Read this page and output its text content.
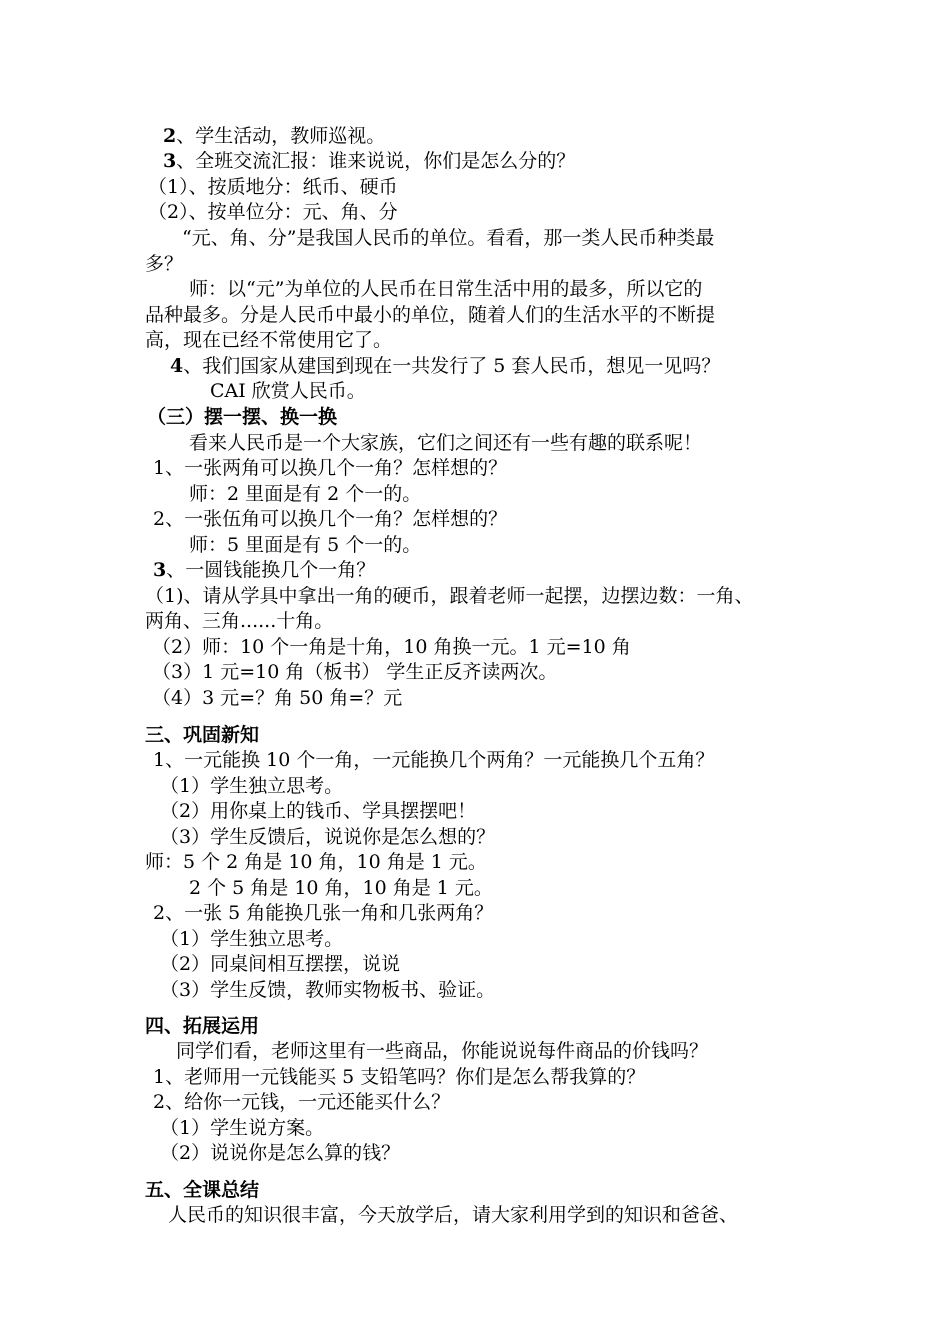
2、学生活动，教师巡视。
3、全班交流汇报：谁来说说，你们是怎么分的？
（1）、按质地分：纸币、硬币
（2）、按单位分：元、角、分
“元、角、分”是我国人民币的单位。看看，那一类人民币种类最
多？
师：以“元”为单位的人民币在日常生活中用的最多，所以它的
品种最多。分是人民币中最小的单位，随着人们的生活水平的不断提
高，现在已经不常使用它了。
4、我们国家从建国到现在一共发行了 5 套人民币，想见一见吗？
CAI 欣赏人民币。
（三）摆一摆、换一换
看来人民币是一个大家族，它们之间还有一些有趣的联系呢！
1、一张两角可以换几个一角？怎样想的？
师：2 里面是有 2 个一的。
2、一张伍角可以换几个一角？怎样想的？
师：5 里面是有 5 个一的。
3、一圆钱能换几个一角？
（1)、请从学具中拿出一角的硬币，跟着老师一起摆，边摆边数：一角、
两角、三角......十角。
（2）师：10 个一角是十角，10 角换一元。1 元=10 角
（3）1 元=10 角（板书） 学生正反齐读两次。
（4）3 元=？角 50 角=？元
三、巩固新知
1、一元能换 10 个一角，一元能换几个两角？一元能换几个五角？
（1）学生独立思考。
（2）用你桌上的钱币、学具摆摆吧！
（3）学生反馈后，说说你是怎么想的？
师：5 个 2 角是 10 角，10 角是 1 元。
2 个 5 角是 10 角，10 角是 1 元。
2、一张 5 角能换几张一角和几张两角？
（1）学生独立思考。
（2）同桌间相互摆摆，说说
（3）学生反馈，教师实物板书、验证。
四、拓展运用
同学们看，老师这里有一些商品，你能说说每件商品的价钱吗？
1、老师用一元钱能买 5 支铅笔吗？你们是怎么帮我算的？
2、给你一元钱，一元还能买什么？
（1）学生说方案。
（2）说说你是怎么算的钱？
五、全课总结
人民币的知识很丰富，今天放学后，请大家利用学到的知识和爸爸、
